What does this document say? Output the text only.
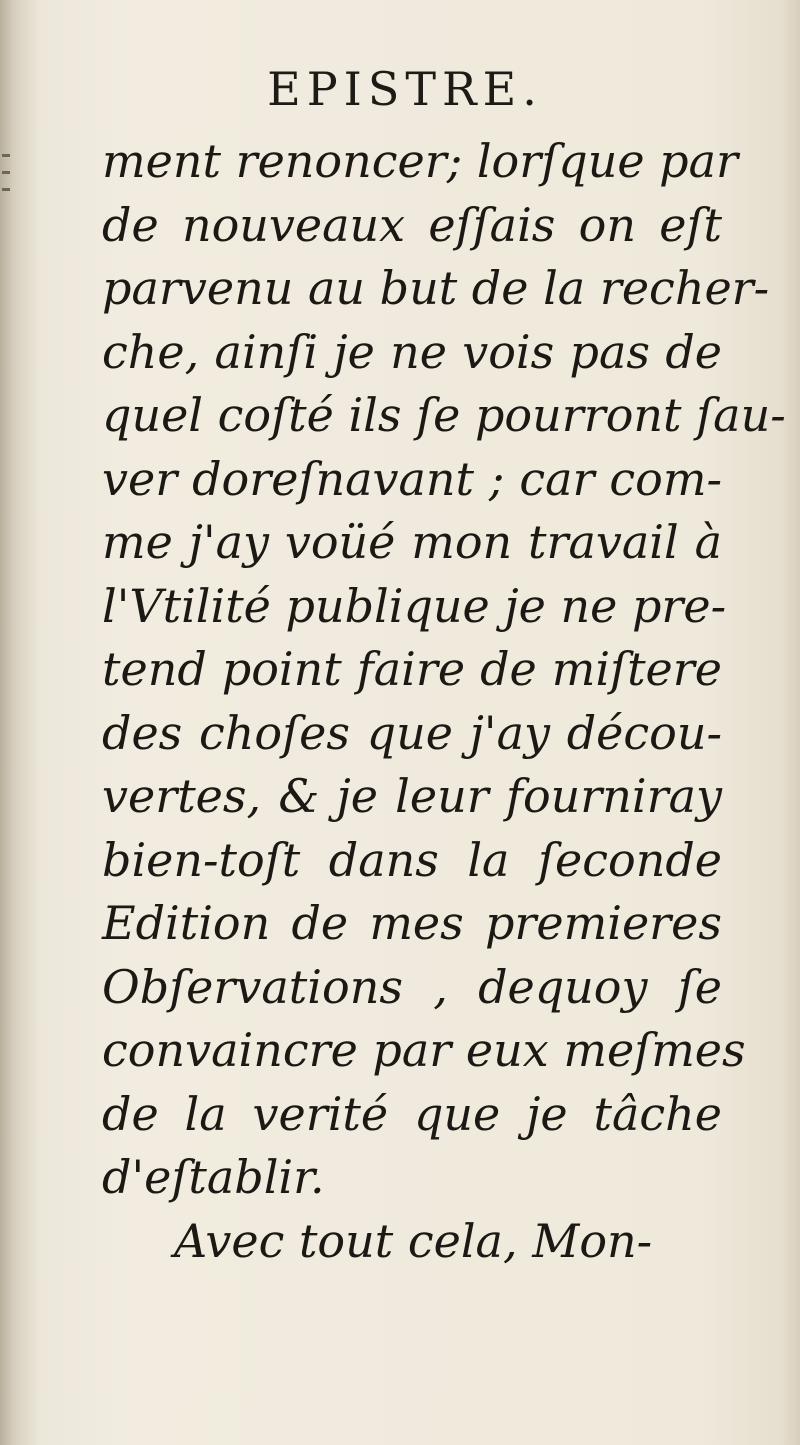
EPISTRE.
ment renoncer; lorſque par
de nouveaux eſſais on eſt
parvenu au but de la recher-
che, ainſi je ne vois pas de
quel coſté ils ſe pourront ſau-
ver doreſnavant ; car com-
me j'ay voüé mon travail à
l'Vtilité publique je ne pre-
tend point faire de miſtere
des choſes que j'ay décou-
vertes, & je leur fourniray
bien-toſt dans la ſeconde
Edition de mes premieres
Obſervations , dequoy ſe
convaincre par eux meſmes
de la verité que je tâche
d'eſtablir.
Avec tout cela, Mon-
